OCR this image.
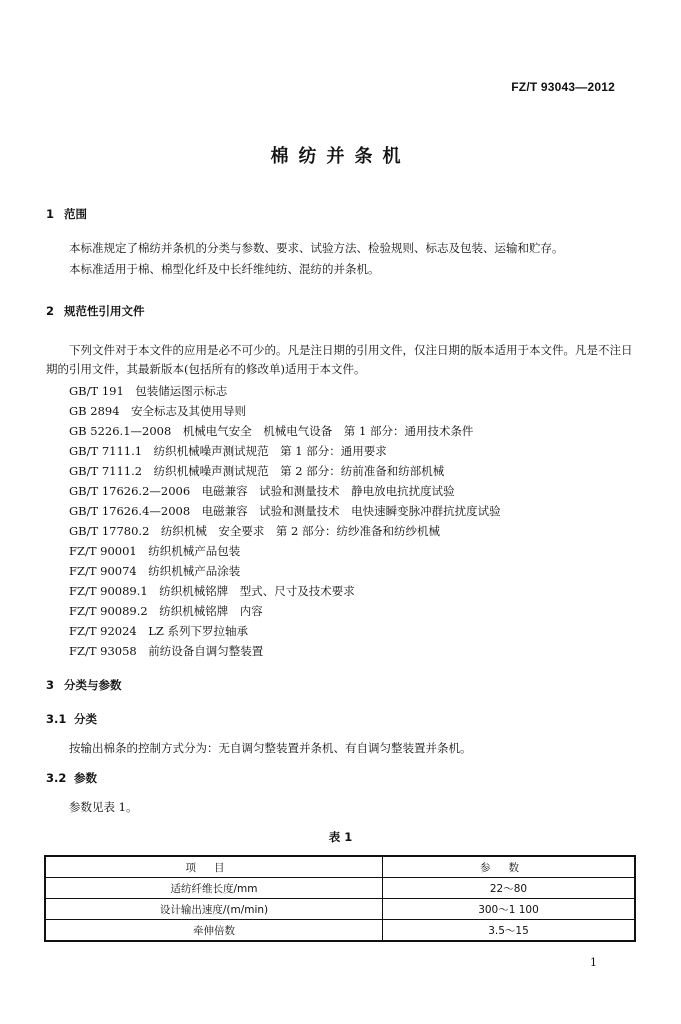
FZ/T 93043—2012
棉纺并条机
1 范围
本标准规定了棉纺并条机的分类与参数、要求、试验方法、检验规则、标志及包装、运输和贮存。
本标准适用于棉、棉型化纤及中长纤维纯纺、混纺的并条机。
2 规范性引用文件
下列文件对于本文件的应用是必不可少的。凡是注日期的引用文件，仅注日期的版本适用于本文件。凡是不注日期的引用文件，其最新版本(包括所有的修改单)适用于本文件。
GB/T 191　 包装储运图示标志
GB 2894　 安全标志及其使用导则
GB 5226.1—2008　 机械电气安全　机械电气设备　第 1 部分：通用技术条件
GB/T 7111.1　 纺织机械噪声测试规范　第 1 部分：通用要求
GB/T 7111.2　 纺织机械噪声测试规范　第 2 部分：纺前准备和纺部机械
GB/T 17626.2—2006　 电磁兼容　试验和测量技术　静电放电抗扰度试验
GB/T 17626.4—2008　 电磁兼容　试验和测量技术　电快速瞬变脉冲群抗扰度试验
GB/T 17780.2　 纺织机械　安全要求　第 2 部分：纺纱准备和纺纱机械
FZ/T 90001　 纺织机械产品包装
FZ/T 90074　 纺织机械产品涂装
FZ/T 90089.1　 纺织机械铭牌　型式、尺寸及技术要求
FZ/T 90089.2　 纺织机械铭牌　内容
FZ/T 92024　 LZ 系列下罗拉轴承
FZ/T 93058　 前纺设备自调匀整装置
3 分类与参数
3.1 分类
按输出棉条的控制方式分为：无自调匀整装置并条机、有自调匀整装置并条机。
3.2 参数
参数见表 1。
表 1
项目	参数
适纺纤维长度/mm	22～80
设计输出速度/(m/min)	300～1 100
牵伸倍数	3.5～15
1
